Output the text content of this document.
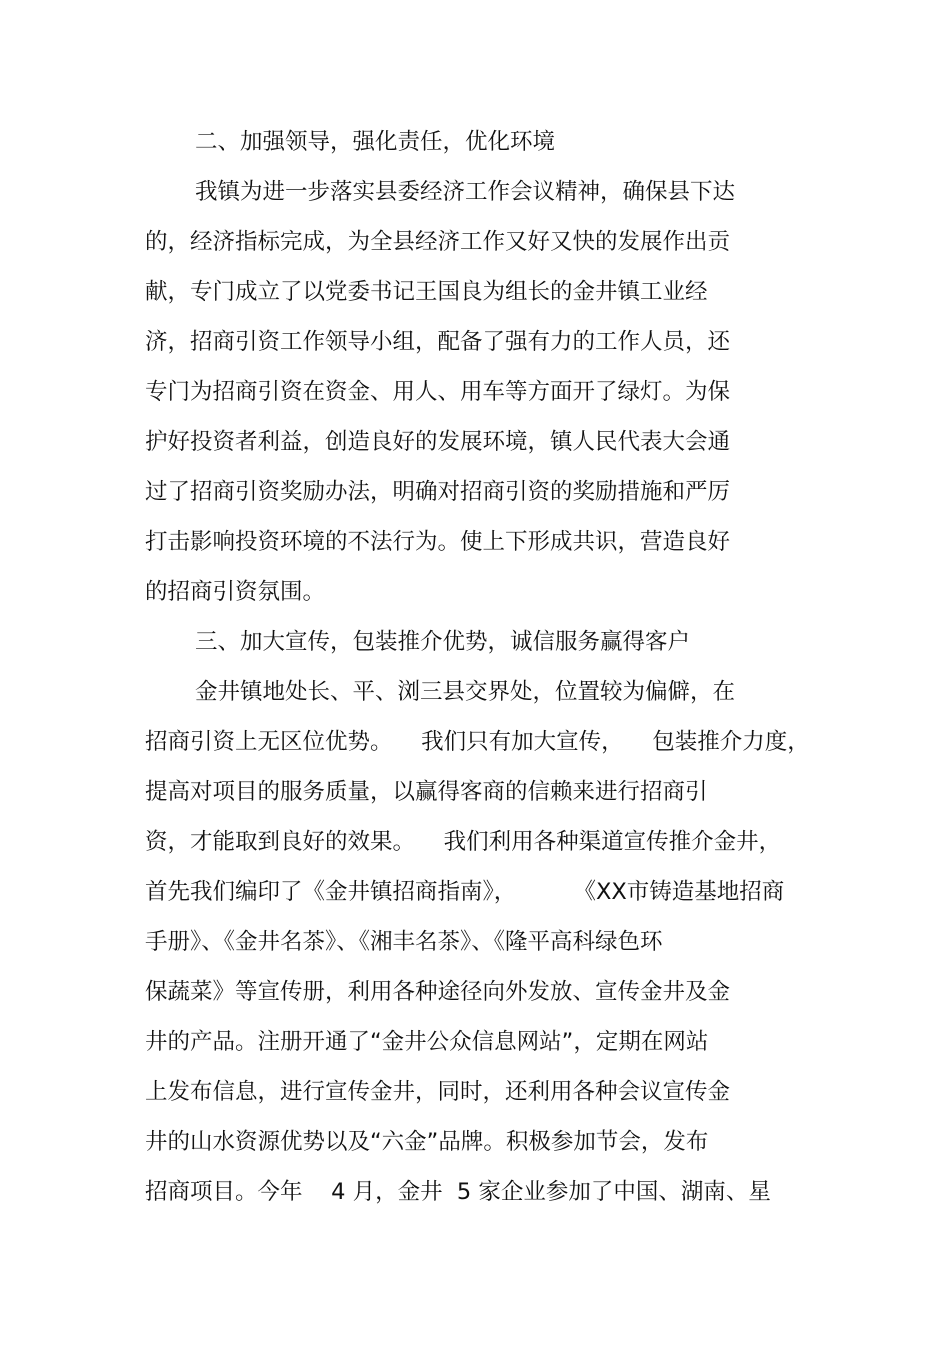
二、加强领导，强化责任，优化环境

我镇为进一步落实县委经济工作会议精神，确保县下达

的，经济指标完成，为全县经济工作又好又快的发展作出贡

献，专门成立了以党委书记王国良为组长的金井镇工业经

济，招商引资工作领导小组，配备了强有力的工作人员，还

专门为招商引资在资金、用人、用车等方面开了绿灯。为保

护好投资者利益，创造良好的发展环境，镇人民代表大会通

过了招商引资奖励办法，明确对招商引资的奖励措施和严厉

打击影响投资环境的不法行为。使上下形成共识，营造良好

的招商引资氛围。

三、加大宣传，包装推介优势，诚信服务赢得客户

金井镇地处长、平、浏三县交界处，位置较为偏僻，在

招商引资上无区位优势。    我们只有加大宣传，    包装推介力度，

提高对项目的服务质量，以赢得客商的信赖来进行招商引

资，才能取到良好的效果。    我们利用各种渠道宣传推介金井，

首先我们编印了《金井镇招商指南》，        《XX市铸造基地招商

手册》、《金井名茶》、《湘丰名茶》、《隆平高科绿色环

保蔬菜》等宣传册，利用各种途径向外发放、宣传金井及金

井的产品。注册开通了“金井公众信息网站”，定期在网站

上发布信息，进行宣传金井，同时，还利用各种会议宣传金

井的山水资源优势以及“六金”品牌。积极参加节会，发布

招商项目。今年    4 月，金井  5 家企业参加了中国、湖南、星
